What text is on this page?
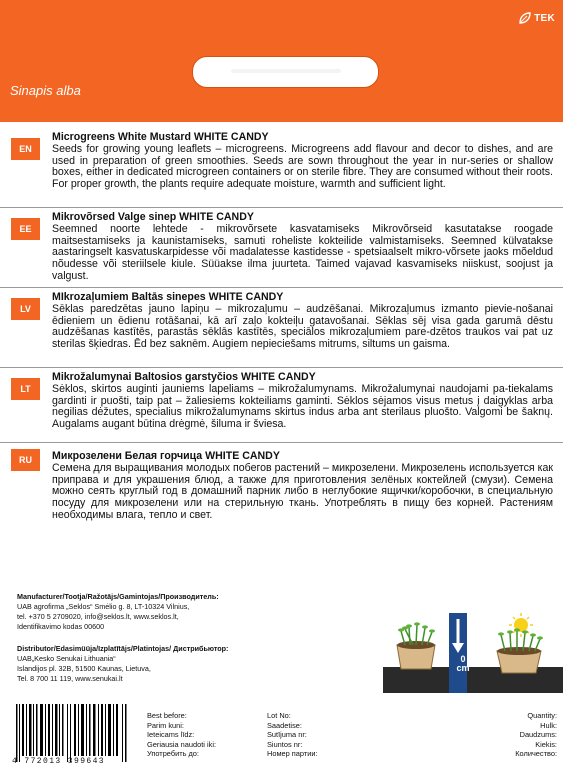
TEK
Sinapis alba
EN
Microgreens White Mustard WHITE CANDY
Seeds for growing young leaflets – microgreens. Microgreens add flavour and decor to dishes, and are used in preparation of green smoothies. Seeds are sown throughout the year in nur-series or shallow boxes, either in dedicated microgreen containers or on sterile fibre. They are consumed without their roots. For proper growth, the plants require adequate moisture, warmth and sufficient light.
EE
Mikrovõrsed Valge sinep WHITE CANDY
Seemned noorte lehtede - mikrovõrsete kasvatamiseks Mikrovõrseid kasutatakse roogade maitsestamiseks ja kaunistamiseks, samuti roheliste kokteilide valmistamiseks. Seemned külvatakse aastaringselt kasvatuskarpidesse või madalatesse kastidesse - spetsiaalselt mikro-võrsete jaoks mõeldud nõudesse või steriilsele kiule. Süüakse ilma juurteta. Taimed vajavad kasvamiseks niiskust, soojust ja valgust.
LV
MIkrozaļumiem Baltās sinepes WHITE CANDY
Sēklas paredzētas jauno lapiņu – mikrozaļumu – audzēšanai. Mikrozaļumus izmanto pievie-nošanai ēdieniem un ēdienu rotāšanai, kā arī zaļo kokteiļu gatavošanai. Sēklas sēj visa gada garumā dēstu audzēšanas kastītēs, parastās sēklās kastītēs, speciālos mikrozaļumiem pare-dzētos traukos vai pat uz sterilas šķiedras. Ēd bez saknēm. Augiem nepieciešams mitrums, siltums un gaisma.
LT
Mikrožalumynai Baltosios garstyčios WHITE CANDY
Sėklos, skirtos auginti jauniems lapeliams – mikrožalumynams. Mikrožalumynai naudojami pa-tiekalams gardinti ir puošti, taip pat – žaliesiems kokteiliams gaminti. Sėklos sėjamos visus metus į daigyklas arba negilias dėžutes, specialius mikrožalumynams skirtus indus arba ant sterilaus pluošto. Valgomi be šaknų. Augalams augant būtina drėgmė, šiluma ir šviesa.
RU	Микрозелени Белая горчица WHITE CANDY
Семена для выращивания молодых побегов растений – микрозелени. Микрозелень используется как приправа и для украшения блюд, а также для приготовления зелёных коктейлей (смузи). Семена можно сеять круглый год в домашний парник либо в неглубокие ящички/коробочки, в специальную посуду для микрозелени или на стерильную ткань. Употреблять в пищу без корней. Растениям необходимы влага, тепло и свет.
Manufacturer/Tootja/Ražotājs/Gamintojas/Производитель:
UAB agrofirma „Seklos“ Smėlio g. 8, LT-10324 Vilnius,
tel. +370 5 2709020, info@seklos.lt, www.seklos.lt,
Identifikavimo kodas 00600
Distributor/Edasimüüja/Izplatītājs/Platintojas/ Дистрибьютор:
UAB„Kesko Senukai Lithuania“
Islandijos pl. 32B, 51500 Kaunas, Lietuva,
Tel. 8 700 11 119, www.senukai.lt
0
cm
4 772013 399643
Best before:
Parim kuni:
Ieteicams līdz:
Geriausia naudoti iki:
Употребить до:
Lot No:
Saadetise:
Sutījuma nr:
Siuntos nr:
Номер партии:
Quantity:
Hulk:
Daudzums:
Kiekis:
Количество:
